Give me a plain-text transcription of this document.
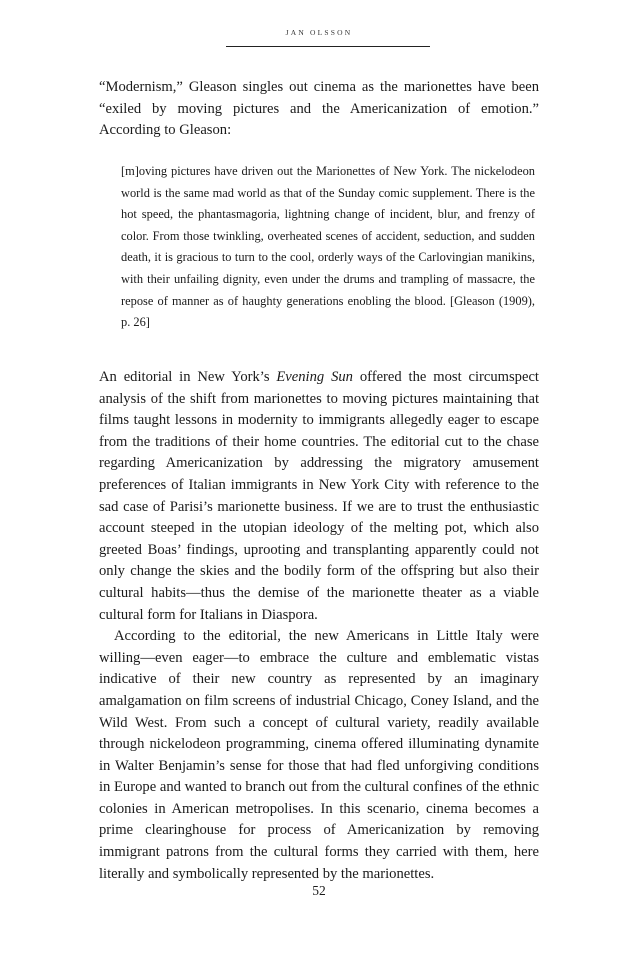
JAN OLSSON

“Modernism,” Gleason singles out cinema as the marionettes have been “exiled by moving pictures and the Americanization of emotion.” According to Gleason:

[m]oving pictures have driven out the Marionettes of New York. The nickelodeon world is the same mad world as that of the Sunday comic supplement. There is the hot speed, the phantasmagoria, lightning change of incident, blur, and frenzy of color. From those twinkling, overheated scenes of accident, seduction, and sudden death, it is gracious to turn to the cool, orderly ways of the Carlovingian manikins, with their unfailing dignity, even under the drums and trampling of massacre, the repose of manner as of haughty generations enobling the blood. [Gleason (1909), p. 26]

An editorial in New York’s Evening Sun offered the most circumspect analysis of the shift from marionettes to moving pictures maintaining that films taught lessons in modernity to immigrants allegedly eager to escape from the traditions of their home countries. The editorial cut to the chase regarding Americanization by addressing the migratory amusement preferences of Italian immigrants in New York City with reference to the sad case of Parisi’s marionette business. If we are to trust the enthusiastic account steeped in the utopian ideology of the melting pot, which also greeted Boas’ findings, uprooting and transplanting apparently could not only change the skies and the bodily form of the offspring but also their cultural habits—thus the demise of the marionette theater as a viable cultural form for Italians in Diaspora.

According to the editorial, the new Americans in Little Italy were willing—even eager—to embrace the culture and emblematic vistas indicative of their new country as represented by an imaginary amalgamation on film screens of industrial Chicago, Coney Island, and the Wild West. From such a concept of cultural variety, readily available through nickelodeon programming, cinema offered illuminating dynamite in Walter Benjamin’s sense for those that had fled unforgiving conditions in Europe and wanted to branch out from the cultural confines of the ethnic colonies in American metropolises. In this scenario, cinema becomes a prime clearinghouse for process of Americanization by removing immigrant patrons from the cultural forms they carried with them, here literally and symbolically represented by the marionettes.

52
